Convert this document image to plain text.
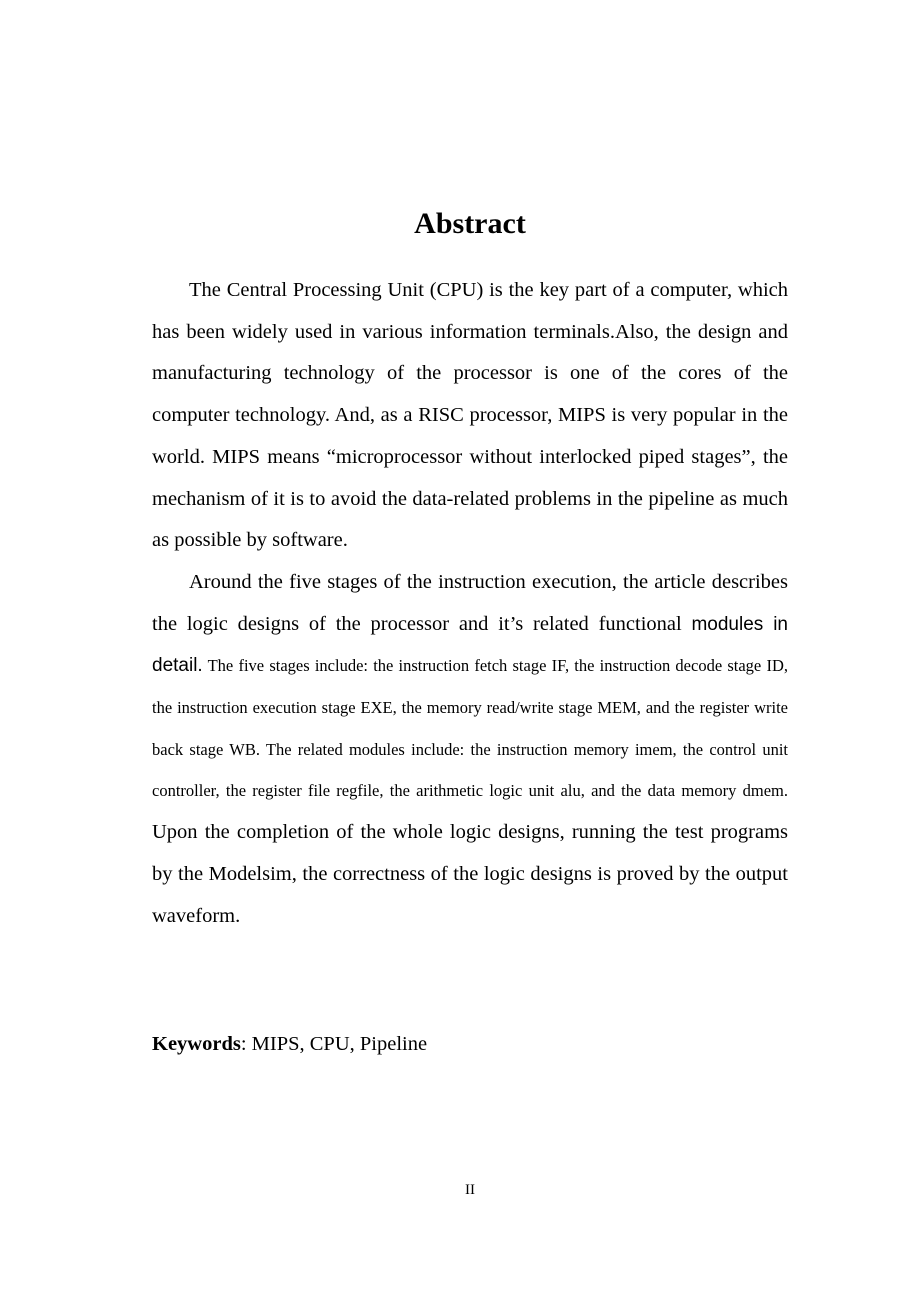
Abstract

The Central Processing Unit (CPU) is the key part of a computer, which has been widely used in various information terminals.Also, the design and manufacturing technology of the processor is one of the cores of the computer technology. And, as a RISC processor, MIPS is very popular in the world. MIPS means “microprocessor without interlocked piped stages”, the mechanism of it is to avoid the data-related problems in the pipeline as much as possible by software.

Around the five stages of the instruction execution, the article describes the logic designs of the processor and it’s related functional modules in detail. The five stages include: the instruction fetch stage IF, the instruction decode stage ID, the instruction execution stage EXE, the memory read/write stage MEM, and the register write back stage WB. The related modules include: the instruction memory imem, the control unit controller, the register file regfile, the arithmetic logic unit alu, and the data memory dmem. Upon the completion of the whole logic designs, running the test programs by the Modelsim, the correctness of the logic designs is proved by the output waveform.

Keywords: MIPS, CPU, Pipeline

II
